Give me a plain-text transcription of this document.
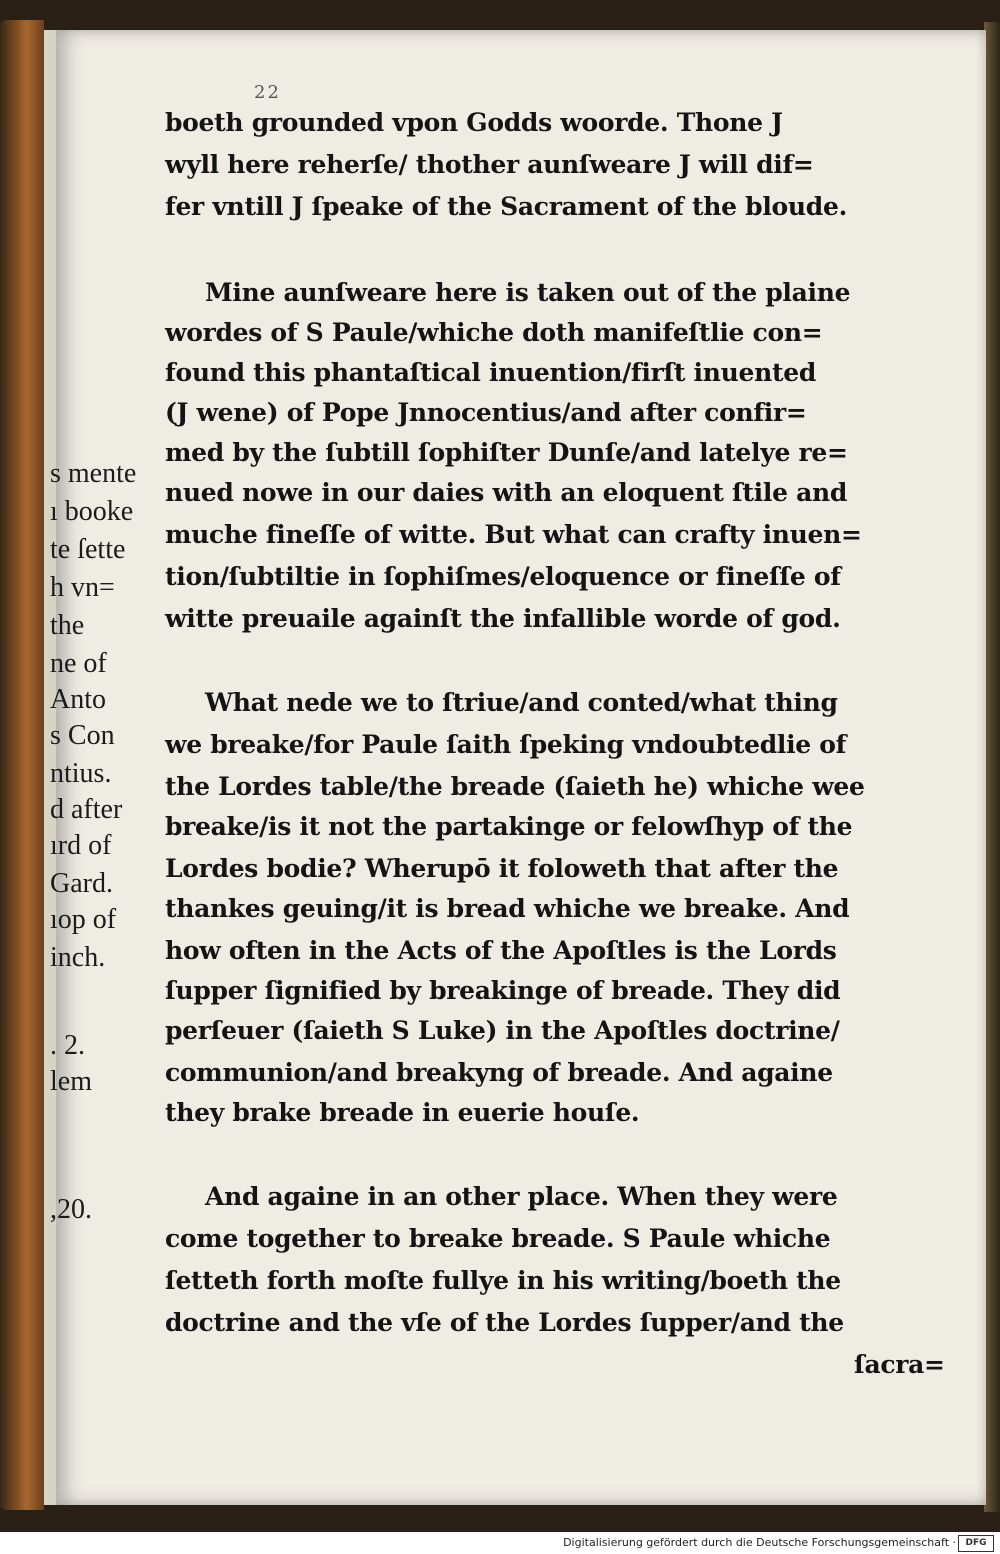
22
s mente
ı booke
te ſette
h vn=
the
ne of
Anto
s Con
ntius.
d after
ırd of
Gard.
ıop of
inch.
. 2.
lem
,20.
boeth grounded vpon Godds woorde. Thone J
wyll here reherſe/ thother aunſweare J will dif=
fer vntill J ſpeake of the Sacrament of the bloude.
Mine aunſweare here is taken out of the plaine
wordes of S Paule/whiche doth manifeſtlie con=
found this phantaſtical inuention/firſt inuented
(J wene) of Pope Jnnocentius/and after confir=
med by the ſubtill ſophiſter Dunſe/and latelye re=
nued nowe in our daies with an eloquent ſtile and
muche fineſſe of witte. But what can crafty inuen=
tion/ſubtiltie in ſophiſmes/eloquence or fineſſe of
witte preuaile againſt the infallible worde of god.
What nede we to ſtriue/and conted/what thing
we breake/for Paule ſaith ſpeking vndoubtedlie of
the Lordes table/the breade (ſaieth he) whiche wee
breake/is it not the partakinge or felowſhyp of the
Lordes bodie? Wherupō it foloweth that after the
thankes geuing/it is bread whiche we breake. And
how often in the Acts of the Apoſtles is the Lords
ſupper ſignified by breakinge of breade. They did
perſeuer (ſaieth S Luke) in the Apoſtles doctrine/
communion/and breakyng of breade. And againe
they brake breade in euerie houſe.
And againe in an other place. When they were
come together to breake breade. S Paule whiche
ſetteth forth moſte fullye in his writing/boeth the
doctrine and the vſe of the Lordes ſupper/and the
ſacra=
Digitalisierung gefördert durch die Deutsche Forschungsgemeinschaft ·	DFG
